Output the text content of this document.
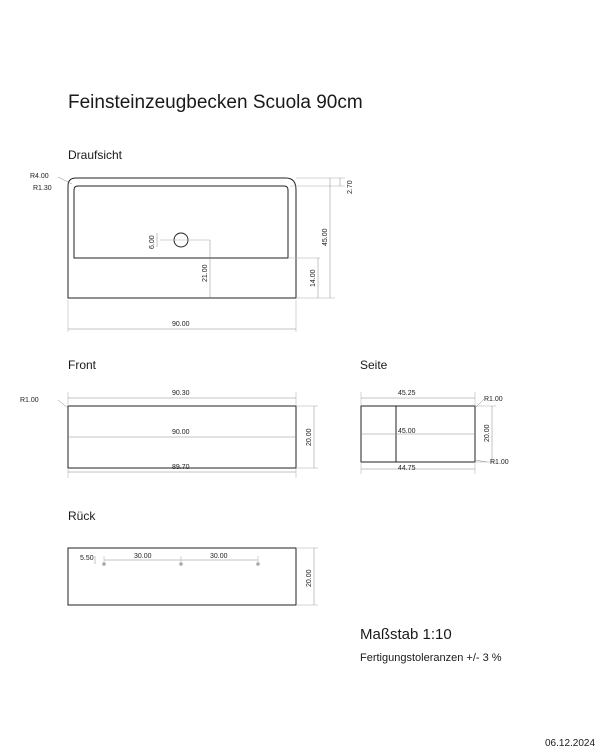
Feinsteinzeugbecken Scuola 90cm
Draufsicht
Front	Seite
Rück
R4.00
R1.30	2.70
45.00
6.00
21.00	14.00
90.00
R1.00
90.30
90.00
89.70
20.00
45.25
45.00
44.75
20.00
R1.00
R1.00
5.50	30.00	30.00
20.00
Maßstab 1:10
Fertigungstoleranzen +/- 3 %
06.12.2024
